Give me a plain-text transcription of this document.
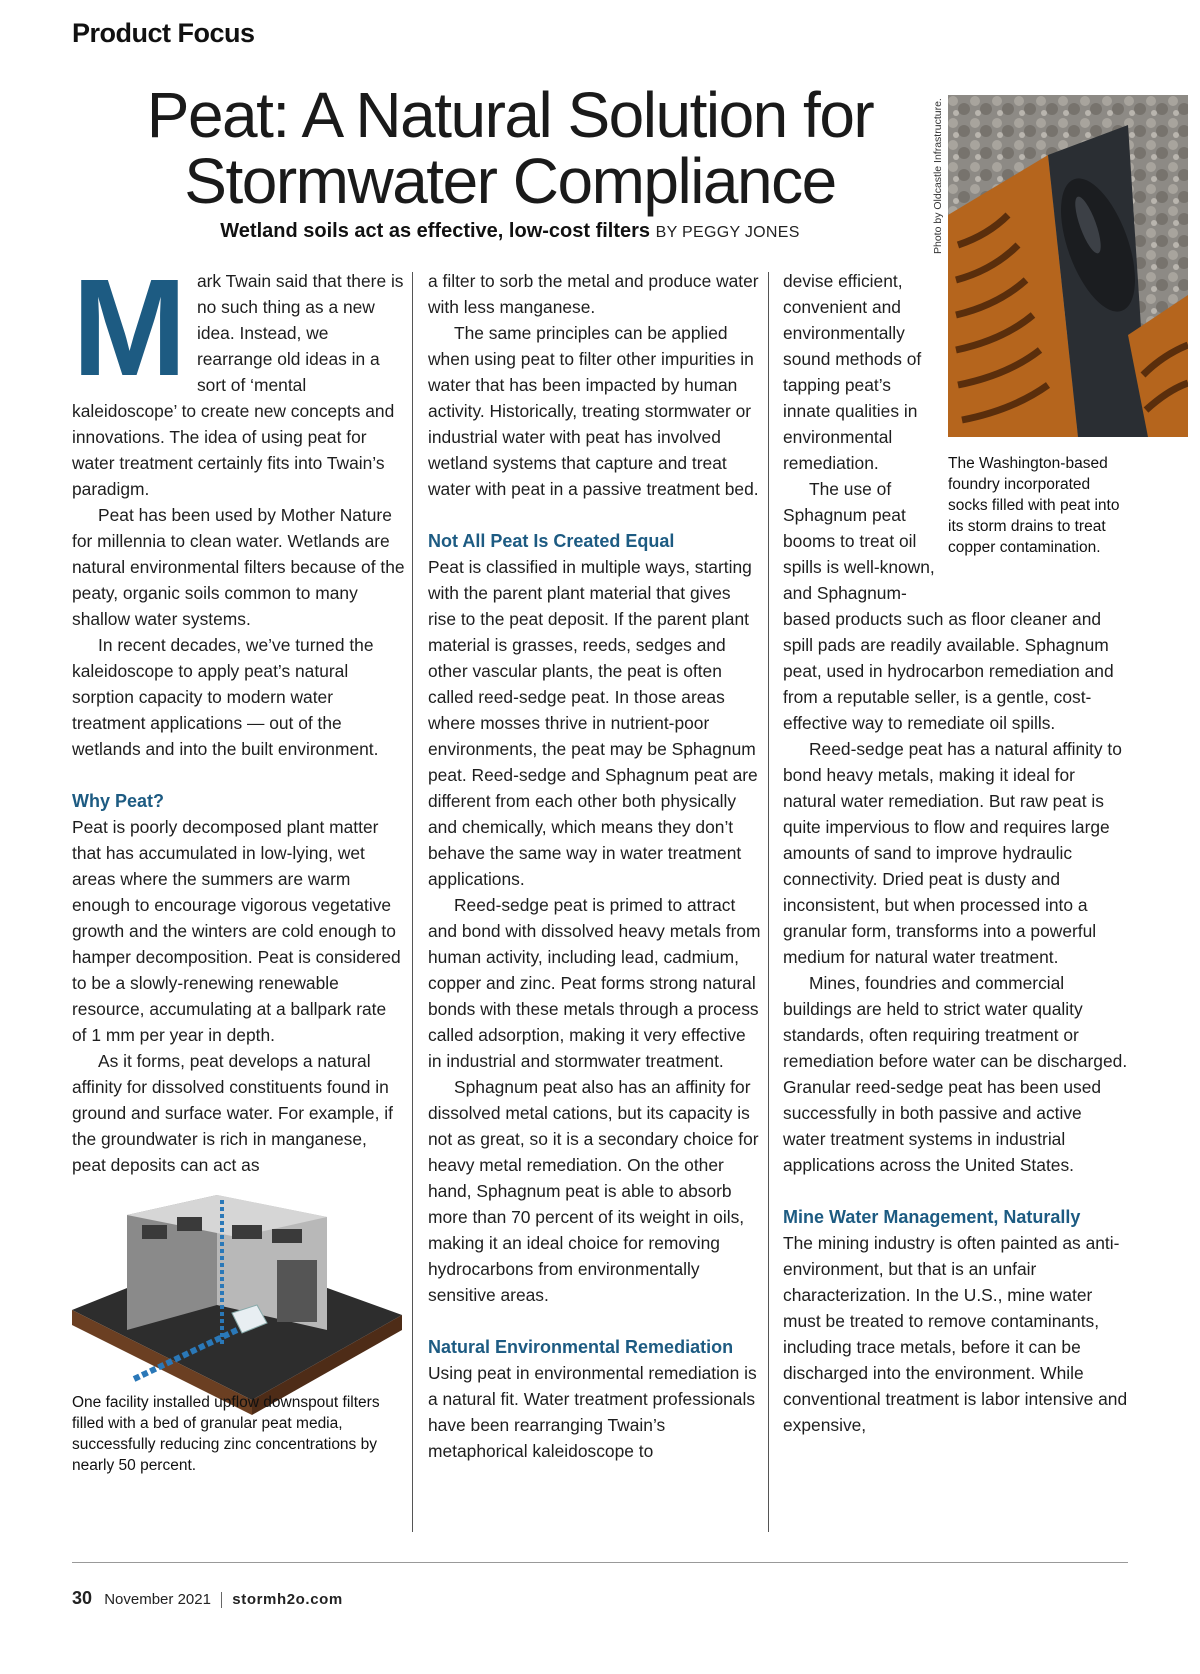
Product Focus
Peat: A Natural Solution for
Stormwater Compliance
Wetland soils act as effective, low-cost filters BY PEGGY JONES	Photo by Oldcastle Infrastructure.
M ark Twain said that there is no such thing as a new idea. Instead, we rearrange old ideas in a sort of ‘mental kaleidoscope’ to create new concepts and innovations. The idea of using peat for water treatment certainly fits into Twain’s paradigm.

Peat has been used by Mother Nature for millennia to clean water. Wetlands are natural environmental filters because of the peaty, organic soils common to many shallow water systems.

In recent decades, we’ve turned the kaleidoscope to apply peat’s natural sorption capacity to modern water treatment applications — out of the wetlands and into the built environment.

Why Peat?

Peat is poorly decomposed plant matter that has accumulated in low-lying, wet areas where the summers are warm enough to encourage vigorous vegetative growth and the winters are cold enough to hamper decomposition. Peat is considered to be a slowly-renewing renewable resource, accumulating at a ballpark rate of 1 mm per year in depth.

As it forms, peat develops a natural affinity for dissolved constituents found in ground and surface water. For example, if the groundwater is rich in manganese, peat deposits can act as

One facility installed upflow downspout filters filled with a bed of granular peat media, successfully reducing zinc concentrations by nearly 50 percent.

a filter to sorb the metal and produce water with less manganese.

The same principles can be applied when using peat to filter other impurities in water that has been impacted by human activity. Historically, treating stormwater or industrial water with peat has involved wetland systems that capture and treat water with peat in a passive treatment bed.

Not All Peat Is Created Equal

Peat is classified in multiple ways, starting with the parent plant material that gives rise to the peat deposit. If the parent plant material is grasses, reeds, sedges and other vascular plants, the peat is often called reed-sedge peat. In those areas where mosses thrive in nutrient-poor environments, the peat may be Sphagnum peat. Reed-sedge and Sphagnum peat are different from each other both physically and chemically, which means they don’t behave the same way in water treatment applications.

Reed-sedge peat is primed to attract and bond with dissolved heavy metals from human activity, including lead, cadmium, copper and zinc. Peat forms strong natural bonds with these metals through a process called adsorption, making it very effective in industrial and stormwater treatment.

Sphagnum peat also has an affinity for dissolved metal cations, but its capacity is not as great, so it is a secondary choice for heavy metal remediation. On the other hand, Sphagnum peat is able to absorb more than 70 percent of its weight in oils, making it an ideal choice for removing hydrocarbons from environmentally sensitive areas.

Natural Environmental Remediation

Using peat in environmental remediation is a natural fit. Water treatment professionals have been rearranging Twain’s metaphorical kaleidoscope to

devise efficient, convenient and environmentally sound methods of tapping peat’s innate qualities in environmental remediation.

The use of Sphagnum peat booms to treat oil spills is well-known, and Sphagnum-based products such as floor cleaner and spill pads are readily available. Sphagnum peat, used in hydrocarbon remediation and from a reputable seller, is a gentle, cost-effective way to remediate oil spills.

Reed-sedge peat has a natural affinity to bond heavy metals, making it ideal for natural water remediation. But raw peat is quite impervious to flow and requires large amounts of sand to improve hydraulic connectivity. Dried peat is dusty and inconsistent, but when processed into a granular form, transforms into a powerful medium for natural water treatment.

Mines, foundries and commercial buildings are held to strict water quality standards, often requiring treatment or remediation before water can be discharged. Granular reed-sedge peat has been used successfully in both passive and active water treatment systems in industrial applications across the United States.

Mine Water Management, Naturally

The mining industry is often painted as anti-environment, but that is an unfair characterization. In the U.S., mine water must be treated to remove contaminants, including trace metals, before it can be discharged into the environment. While conventional treatment is labor intensive and expensive,

The Washington-based foundry incorporated socks filled with peat into its storm drains to treat copper contamination.
30 November 2021 stormh2o.com
